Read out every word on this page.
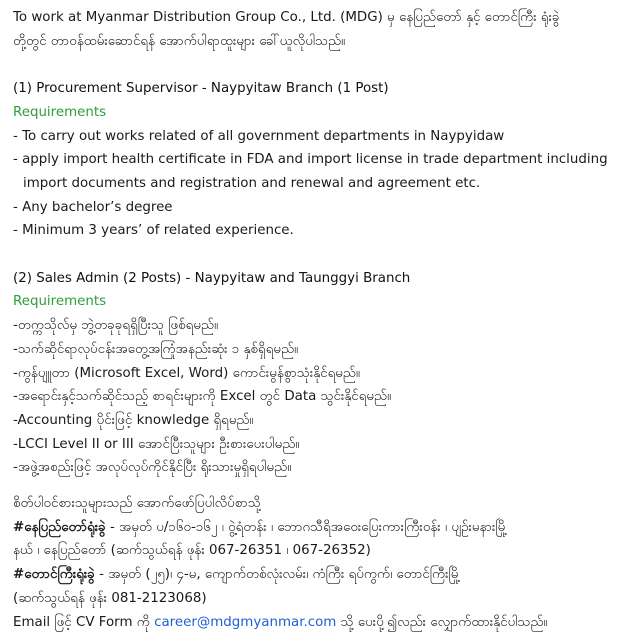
To work at Myanmar Distribution Group Co., Ltd. (MDG) မှ နေပြည်တော် နှင့် တောင်ကြီး ရုံးခွဲ
တို့တွင် တာဝန်ထမ်းဆောင်ရန် အောက်ပါရာထူးများ ခေါ်ယူလိုပါသည်။
(1) Procurement Supervisor - Naypyitaw Branch (1 Post)
Requirements
- To carry out works related of all government departments in Naypyidaw
- apply import health certificate in FDA and import license in trade department including
import documents and registration and renewal and agreement etc.
- Any bachelor’s degree
- Minimum 3 years’ of related experience.
(2) Sales Admin (2 Posts) - Naypyitaw and Taunggyi Branch
Requirements
-တက္ကသိုလ်မှ ဘွဲ့တခုခုရရှိပြီးသူ ဖြစ်ရမည်။
-သက်ဆိုင်ရာလုပ်ငန်းအတွေ့အကြုံအနည်းဆုံး ၁ နှစ်ရှိရမည်။
-ကွန်ပျူတာ (Microsoft Excel, Word) ကောင်းမွန်စွာသုံးနိုင်ရမည်။
-အရောင်းနှင့်သက်ဆိုင်သည့် စာရင်းများကို Excel တွင် Data သွင်းနိုင်ရမည်။
-Accounting ပိုင်းဖြင့် knowledge ရှိရမည်။
-LCCI Level II or III အောင်ပြီးသူများ ဦးစားပေးပါမည်။
-အဖွဲ့အစည်းဖြင့် အလုပ်လုပ်ကိုင်နိုင်ပြီး ရိုးသားမှုရှိရပါမည်။
စိတ်ပါဝင်စားသူများသည် အောက်ဖော်ပြပါလိပ်စာသို့
#နေပြည်တော်ရုံးခွဲ - အမှတ် ပ/၁၆၀-၁၆၂ ၊ ဝွဲ့ရံတန်း ၊ ဘောဂသီရိအဝေးပြေးကားကြီးဝန်း ၊ ပျဉ်းမနားမြို့
နယ် ၊ နေပြည်တော် (ဆက်သွယ်ရန် ဖုန်း 067-26351 ၊ 067-26352)
#တောင်ကြီးရုံးခွဲ - အမှတ် (၂၅)၊ ၄-မ, ကျောက်တစ်လုံးလမ်း၊ ကံကြီး ရပ်ကွက်၊ တောင်ကြီးမြို့
(ဆက်သွယ်ရန် ဖုန်း 081-2123068)
Email ဖြင့် CV Form ကို career@mdgmyanmar.com သို့ ပေးပို့၍လည်း လျှောက်ထားနိုင်ပါသည်။
